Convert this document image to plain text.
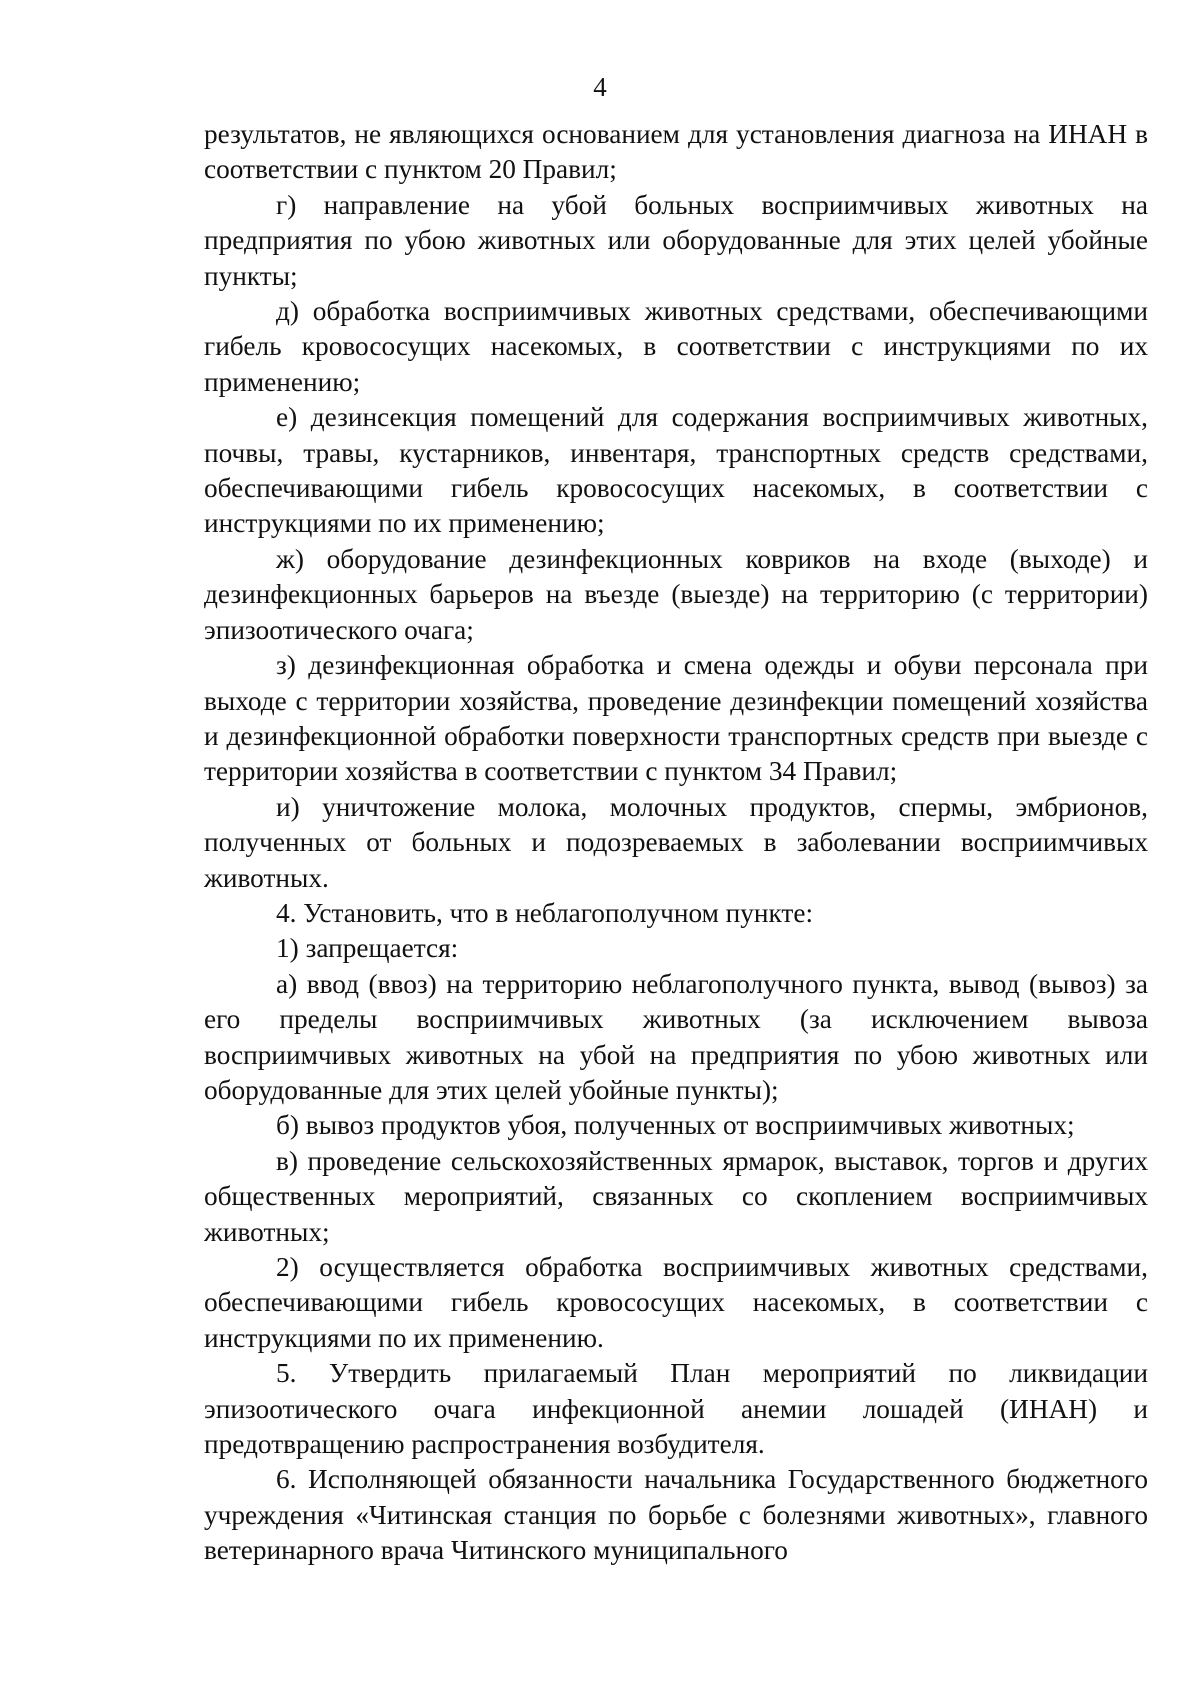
4

результатов, не являющихся основанием для установления диагноза на ИНАН в соответствии с пунктом 20 Правил;

г) направление на убой больных восприимчивых животных на предприятия по убою животных или оборудованные для этих целей убойные пункты;

д) обработка восприимчивых животных средствами, обеспечивающими гибель кровососущих насекомых, в соответствии с инструкциями по их применению;

е) дезинсекция помещений для содержания восприимчивых животных, почвы, травы, кустарников, инвентаря, транспортных средств средствами, обеспечивающими гибель кровососущих насекомых, в соответствии с инструкциями по их применению;

ж) оборудование дезинфекционных ковриков на входе (выходе) и дезинфекционных барьеров на въезде (выезде) на территорию (с территории) эпизоотического очага;

з) дезинфекционная обработка и смена одежды и обуви персонала при выходе с территории хозяйства, проведение дезинфекции помещений хозяйства и дезинфекционной обработки поверхности транспортных средств при выезде с территории хозяйства в соответствии с пунктом 34 Правил;

и) уничтожение молока, молочных продуктов, спермы, эмбрионов, полученных от больных и подозреваемых в заболевании восприимчивых животных.

4. Установить, что в неблагополучном пункте:

1) запрещается:

а) ввод (ввоз) на территорию неблагополучного пункта, вывод (вывоз) за его пределы восприимчивых животных (за исключением вывоза восприимчивых животных на убой на предприятия по убою животных или оборудованные для этих целей убойные пункты);

б) вывоз продуктов убоя, полученных от восприимчивых животных;

в) проведение сельскохозяйственных ярмарок, выставок, торгов и других общественных мероприятий, связанных со скоплением восприимчивых животных;

2) осуществляется обработка восприимчивых животных средствами, обеспечивающими гибель кровососущих насекомых, в соответствии с инструкциями по их применению.

5. Утвердить прилагаемый План мероприятий по ликвидации эпизоотического очага инфекционной анемии лошадей (ИНАН) и предотвращению распространения возбудителя.

6. Исполняющей обязанности начальника Государственного бюджетного учреждения «Читинская станция по борьбе с болезнями животных», главного ветеринарного врача Читинского муниципального
